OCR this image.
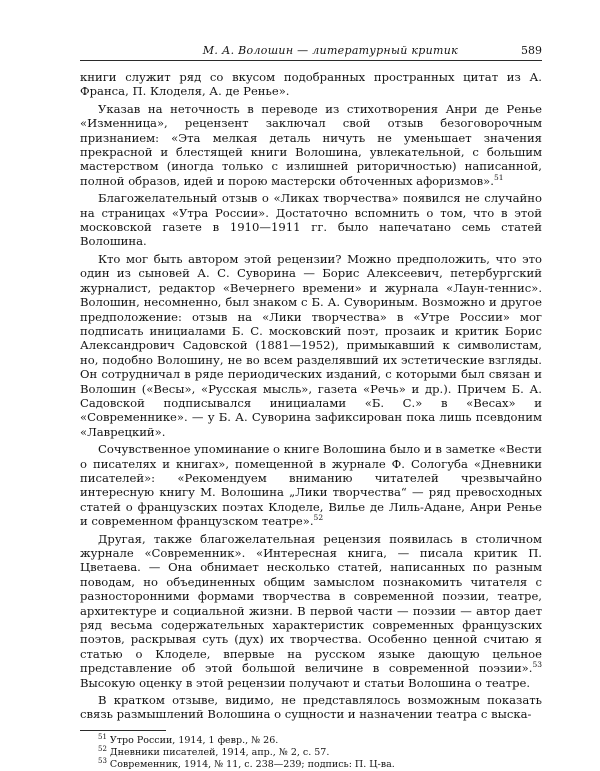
М. А. Волошин — литературный критик	589

книги служит ряд со вкусом подобранных пространных цитат из А. Франса, П. Клоделя, А. де Ренье».

Указав на неточность в переводе из стихотворения Анри де Ренье «Изменница», рецензент заключал свой отзыв безоговорочным признанием: «Эта мелкая деталь ничуть не уменьшает значения прекрасной и блестящей книги Волошина, увлекательной, с большим мастерством (иногда только с излишней риторичностью) написанной, полной образов, идей и порою мастерски обточенных афоризмов».$^{51}$

Благожелательный отзыв о «Ликах творчества» появился не случайно на страницах «Утра России». Достаточно вспомнить о том, что в этой московской газете в 1910—1911 гг. было напечатано семь статей Волошина.

Кто мог быть автором этой рецензии? Можно предположить, что это один из сыновей А. С. Суворина — Борис Алексеевич, петербургский журналист, редактор «Вечернего времени» и журнала «Лаун-теннис». Волошин, несомненно, был знаком с Б. А. Сувориным. Возможно и другое предположение: отзыв на «Лики творчества» в «Утре России» мог подписать инициалами Б. С. московский поэт, прозаик и критик Борис Александрович Садовской (1881—1952), примыкавший к символистам, но, подобно Волошину, не во всем разделявший их эстетические взгляды. Он сотрудничал в ряде периодических изданий, с которыми был связан и Волошин («Весы», «Русская мысль», газета «Речь» и др.). Причем Б. А. Садовской подписывался инициалами «Б. С.» в «Весах» и «Современнике». — у Б. А. Суворина зафиксирован пока лишь псевдоним «Лаврецкий».

Сочувственное упоминание о книге Волошина было и в заметке «Вести о писателях и книгах», помещенной в журнале Ф. Сологуба «Дневники писателей»: «Рекомендуем вниманию читателей чрезвычайно интересную книгу М. Волошина „Лики творчества“ — ряд превосходных статей о французских поэтах Клоделе, Вилье де Лиль-Адане, Анри Ренье и современном французском театре».$^{52}$

Другая, также благожелательная рецензия появилась в столичном журнале «Современник». «Интересная книга, — писала критик П. Цветаева. — Она обнимает несколько статей, написанных по разным поводам, но объединенных общим замыслом познакомить читателя с разносторонними формами творчества в современной поэзии, театре, архитектуре и социальной жизни. В первой части — поэзии — автор дает ряд весьма содержательных характеристик современных французских поэтов, раскрывая суть (дух) их творчества. Особенно ценной считаю я статью о Клоделе, впервые на русском языке дающую цельное представление об этой большой величине в современной поэзии».$^{53}$ Высокую оценку в этой рецензии получают и статьи Волошина о театре.

В кратком отзыве, видимо, не представлялось возможным показать связь размышлений Волошина о сущности и назначении театра с выска-

$^{51}$ Утро России, 1914, 1 февр., № 26.
$^{52}$ Дневники писателей, 1914, апр., № 2, с. 57.
$^{53}$ Современник, 1914, № 11, с. 238—239; подпись: П. Ц-ва.
